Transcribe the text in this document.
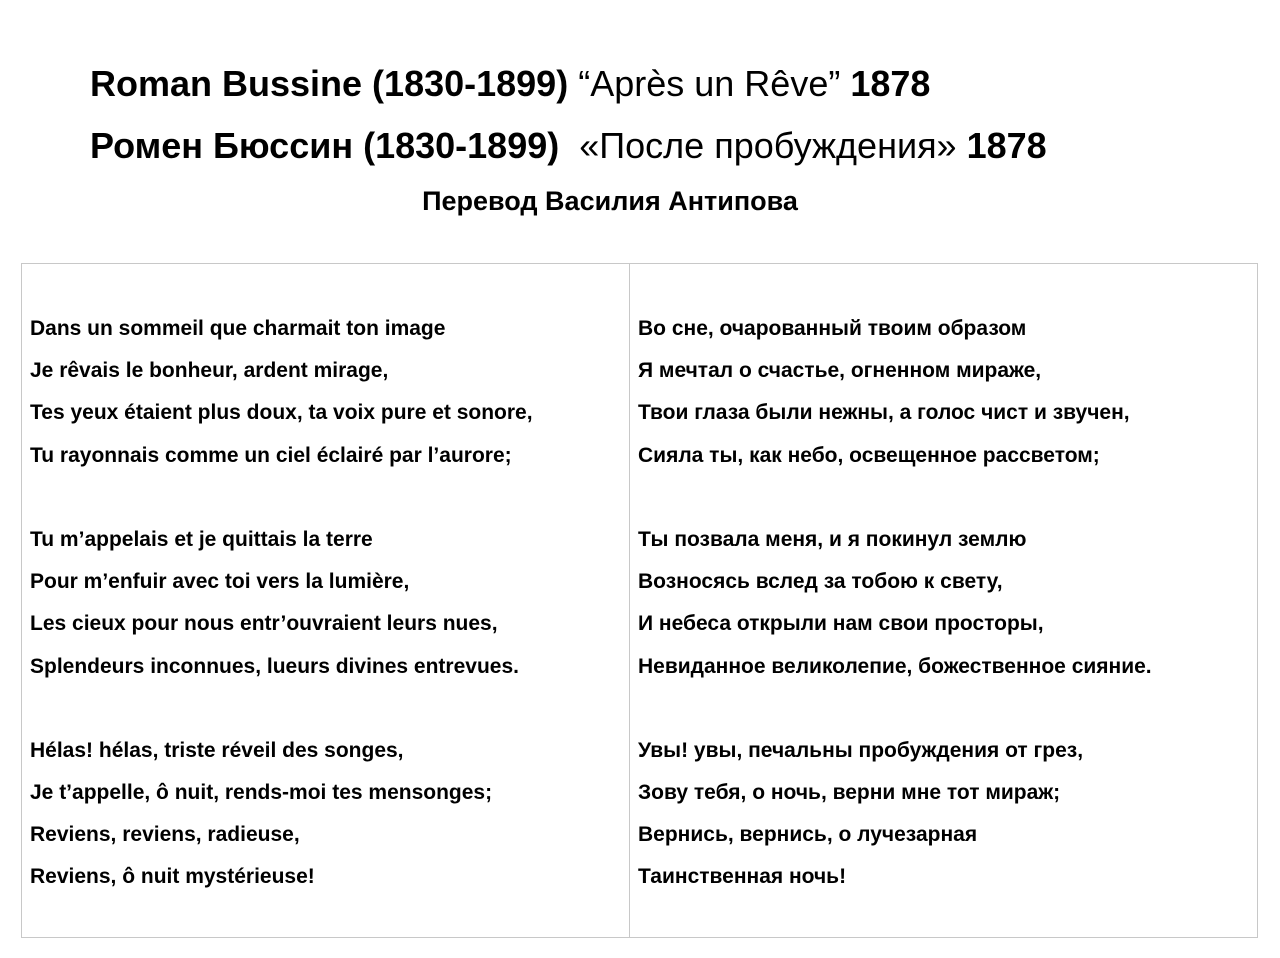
Roman Bussine (1830-1899) “Après un Rêve” 1878
Ромен Бюссин (1830-1899) «После пробуждения» 1878
Перевод Василия Антипова
Dans un sommeil que charmait ton image
Je rêvais le bonheur, ardent mirage,
Tes yeux étaient plus doux, ta voix pure et sonore,
Tu rayonnais comme un ciel éclairé par l’aurore;
Tu m’appelais et je quittais la terre
Pour m’enfuir avec toi vers la lumière,
Les cieux pour nous entr’ouvraient leurs nues,
Splendeurs inconnues, lueurs divines entrevues.
Hélas! hélas, triste réveil des songes,
Je t’appelle, ô nuit, rends-moi tes mensonges;
Reviens, reviens, radieuse,
Reviens, ô nuit mystérieuse!
Во сне, очарованный твоим образом
Я мечтал о счастье, огненном мираже,
Твои глаза были нежны, а голос чист и звучен,
Сияла ты, как небо, освещенное рассветом;
Ты позвала меня, и я покинул землю
Возносясь вслед за тобою к свету,
И небеса открыли нам свои просторы,
Невиданное великолепие, божественное сияние.
Увы! увы, печальны пробуждения от грез,
Зову тебя, о ночь, верни мне тот мираж;
Вернись, вернись, о лучезарная
Таинственная ночь!
